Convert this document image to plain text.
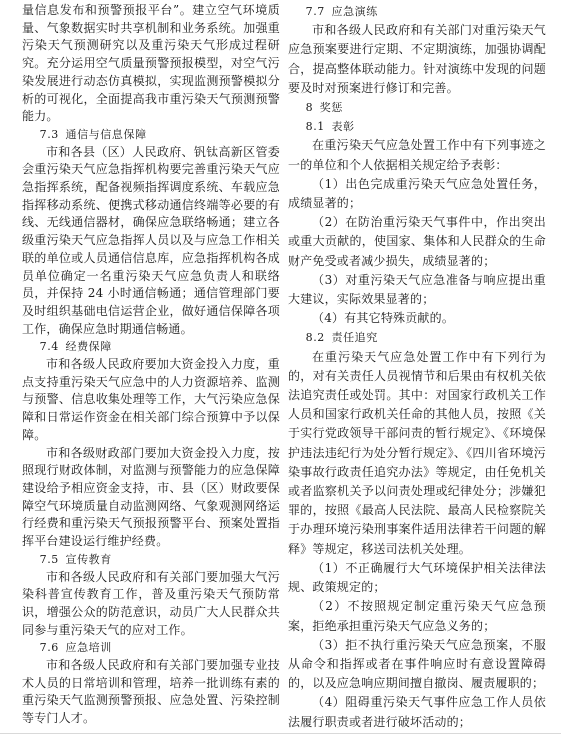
量信息发布和预警预报平台”。建立空气环境质量、气象数据实时共享机制和业务系统。加强重污染天气预测研究以及重污染天气形成过程研究。充分运用空气质量预警预报模型，对空气污染发展进行动态仿真模拟，实现监测预警模拟分析的可视化，全面提高我市重污染天气预测预警能力。

7.3 通信与信息保障

市和各县（区）人民政府、钒钛高新区管委会重污染天气应急指挥机构要完善重污染天气应急指挥系统，配备视频指挥调度系统、车载应急指挥移动系统、便携式移动通信终端等必要的有线、无线通信器材，确保应急联络畅通；建立各级重污染天气应急指挥人员以及与应急工作相关联的单位或人员通信信息库，应急指挥机构各成员单位确定一名重污染天气应急负责人和联络员，并保持 24 小时通信畅通；通信管理部门要及时组织基础电信运营企业，做好通信保障各项工作，确保应急时期通信畅通。

7.4 经费保障

市和各级人民政府要加大资金投入力度，重点支持重污染天气应急中的人力资源培养、监测与预警、信息收集处理等工作，大气污染应急保障和日常运作资金在相关部门综合预算中予以保障。

市和各级财政部门要加大资金投入力度，按照现行财政体制，对监测与预警能力的应急保障建设给予相应资金支持，市、县（区）财政要保障空气环境质量自动监测网络、气象观测网络运行经费和重污染天气预报预警平台、预案处置指挥平台建设运行维护经费。

7.5 宣传教育

市和各级人民政府和有关部门要加强大气污染科普宣传教育工作，普及重污染天气预防常识，增强公众的防范意识，动员广大人民群众共同参与重污染天气的应对工作。

7.6 应急培训

市和各级人民政府和有关部门要加强专业技术人员的日常培训和管理，培养一批训练有素的重污染天气监测预警预报、应急处置、污染控制等专门人才。

7.7 应急演练

市和各级人民政府和有关部门对重污染天气应急预案要进行定期、不定期演练，加强协调配合，提高整体联动能力。针对演练中发现的问题要及时对预案进行修订和完善。

8 奖惩

8.1 表彰

在重污染天气应急处置工作中有下列事迹之一的单位和个人依据相关规定给予表彰：

（1）出色完成重污染天气应急处置任务，成绩显著的；

（2）在防治重污染天气事件中，作出突出或重大贡献的，使国家、集体和人民群众的生命财产免受或者减少损失，成绩显著的；

（3）对重污染天气应急准备与响应提出重大建议，实际效果显著的；

（4）有其它特殊贡献的。

8.2 责任追究

在重污染天气应急处置工作中有下列行为的，对有关责任人员视情节和后果由有权机关依法追究责任或处罚。其中：对国家行政机关工作人员和国家行政机关任命的其他人员，按照《关于实行党政领导干部问责的暂行规定》、《环境保护违法违纪行为处分暂行规定》、《四川省环境污染事故行政责任追究办法》等规定，由任免机关或者监察机关予以问责处理或纪律处分；涉嫌犯罪的，按照《最高人民法院、最高人民检察院关于办理环境污染刑事案件适用法律若干问题的解释》等规定，移送司法机关处理。

（1）不正确履行大气环境保护相关法律法规、政策规定的；

（2）不按照规定制定重污染天气应急预案，拒绝承担重污染天气应急义务的；

（3）拒不执行重污染天气应急预案，不服从命令和指挥或者在事件响应时有意设置障碍的，以及应急响应期间擅自撤岗、履责履职的；

（4）阻碍重污染天气事件应急工作人员依法履行职责或者进行破坏活动的；
